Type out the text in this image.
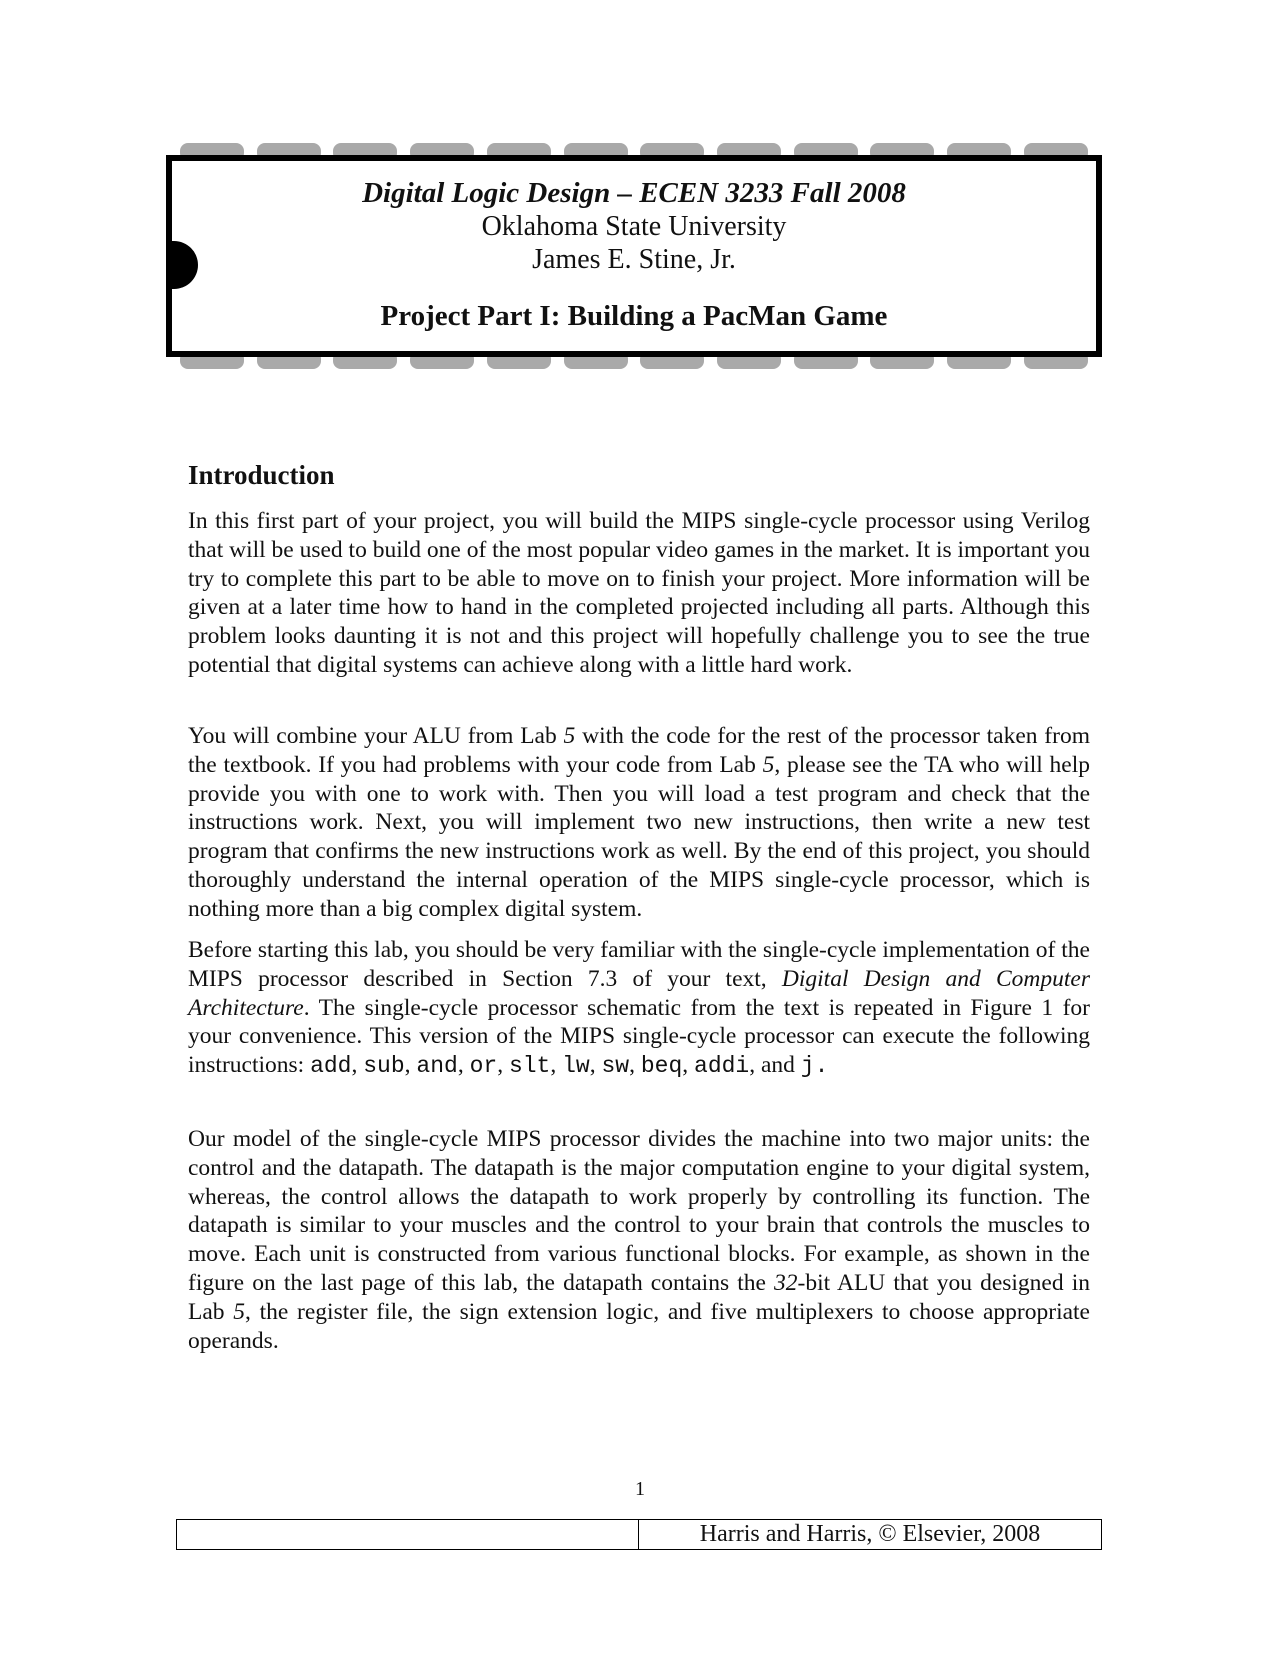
Digital Logic Design – ECEN 3233 Fall 2008
Oklahoma State University
James E. Stine, Jr.
Project Part I: Building a PacMan Game
Introduction

In this first part of your project, you will build the MIPS single-cycle processor using Verilog that will be used to build one of the most popular video games in the market. It is important you try to complete this part to be able to move on to finish your project. More information will be given at a later time how to hand in the completed projected including all parts. Although this problem looks daunting it is not and this project will hopefully challenge you to see the true potential that digital systems can achieve along with a little hard work.

You will combine your ALU from Lab 5 with the code for the rest of the processor taken from the textbook. If you had problems with your code from Lab 5, please see the TA who will help provide you with one to work with. Then you will load a test program and check that the instructions work. Next, you will implement two new instructions, then write a new test program that confirms the new instructions work as well. By the end of this project, you should thoroughly understand the internal operation of the MIPS single-cycle processor, which is nothing more than a big complex digital system.

Before starting this lab, you should be very familiar with the single-cycle implementation of the MIPS processor described in Section 7.3 of your text, Digital Design and Computer Architecture. The single-cycle processor schematic from the text is repeated in Figure 1 for your convenience. This version of the MIPS single-cycle processor can execute the following instructions: add, sub, and, or, slt, lw, sw, beq, addi, and j.

Our model of the single-cycle MIPS processor divides the machine into two major units: the control and the datapath. The datapath is the major computation engine to your digital system, whereas, the control allows the datapath to work properly by controlling its function. The datapath is similar to your muscles and the control to your brain that controls the muscles to move. Each unit is constructed from various functional blocks. For example, as shown in the figure on the last page of this lab, the datapath contains the 32-bit ALU that you designed in Lab 5, the register file, the sign extension logic, and five multiplexers to choose appropriate operands.

1
	Harris and Harris, © Elsevier, 2008
